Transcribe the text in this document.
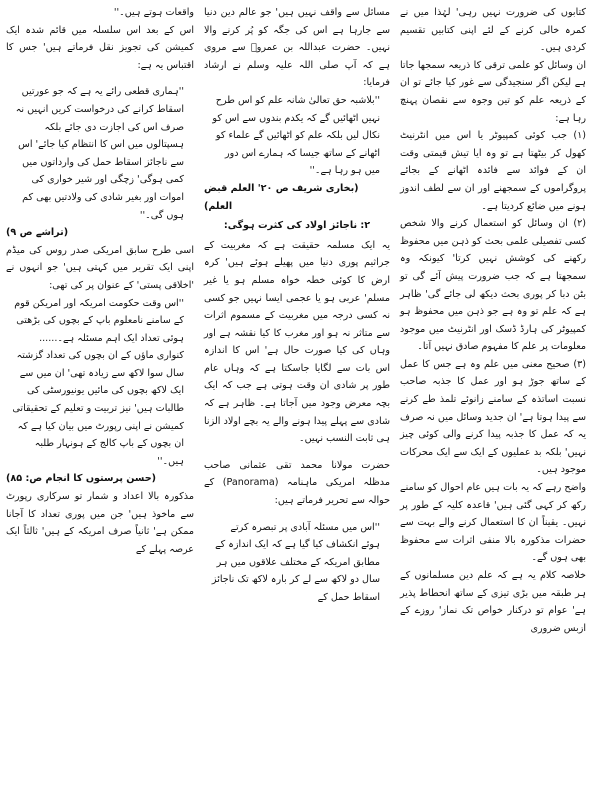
کتابوں کی ضرورت نہیں رہی' لہٰذا میں نے کمرہ خالی کرنے کے لئے اپنی کتابیں تقسیم کردی ہیں۔

ان وسائل کو علمی ترقی کا ذریعہ سمجھا جاتا ہے لیکن اگر سنجیدگی سے غور کیا جائے تو ان کے ذریعہ علم کو تین وجوہ سے نقصان پہنچ رہا ہے:

(۱) جب کوئی کمپیوٹر یا اس میں انٹرنیٹ کھول کر بیٹھتا ہے تو وہ ایا تیش قیمتی وقت ان کے فوائد سے فائدہ اٹھانے کے بجائے پروگراموں کے سمجھنے اور ان سے لطف اندوز ہونے میں ضائع کردیتا ہے۔

(۲) ان وسائل کو استعمال کرنے والا شخص کسی تفصیلی علمی بحث کو ذہن میں محفوظ رکھنے کی کوشش نہیں کرتا' کیونکہ وہ سمجھتا ہے کہ جب ضرورت پیش آئے گی تو بٹن دبا کر پوری بحث دیکھ لی جائے گی' ظاہر ہے کہ علم تو وہ ہے جو ذہن میں محفوظ ہو کمپیوٹر کی ہارڈ ڈسک اور انٹرنیٹ میں موجود معلومات پر علم کا مفہوم صادق نہیں آتا۔

(۳) صحیح معنی میں علم وہ ہے جس کا عمل کے ساتھ جوڑ ہو اور عمل کا جذبہ صاحب نسبت اساتذہ کے سامنے زانوئے تلمذ طے کرنے سے پیدا ہوتا ہے' ان جدید وسائل میں نہ صرف یہ کہ عمل کا جذبہ پیدا کرنے والی کوئی چیز نہیں' بلکہ بد عملیوں کے ایک سے ایک محرکات موجود ہیں۔

واضح رہے کہ یہ بات ہیں عام احوال کو سامنے رکھ کر کہی گئی ہیں' قاعدہ کلیہ کے طور پر نہیں۔ یقیناً ان کا استعمال کرنے والے بہت سے حضرات مذکورہ بالا منفی اثرات سے محفوظ بھی ہوں گے۔

خلاصہ کلام یہ ہے کہ علم دین مسلمانوں کے ہر طبقہ میں بڑی تیزی کے ساتھ انحطاط پذیر ہے' عوام تو درکنار خواص تک نماز' روزے کے ازبس ضروری

مسائل سے واقف نہیں ہیں' جو عالم دین دنیا سے جارہا ہے اس کی جگہ کو پُر کرنے والا نہیں۔ حضرت عبداللہ بن عمروؓ سے مروی ہے کہ آپ صلی اللہ علیہ وسلم نے ارشاد فرمایا:

''بلاشبہ حق تعالیٰ شانہ علم کو اس طرح نہیں اٹھائیں گے کہ یکدم بندوں سے اس کو نکال لیں بلکہ علم کو اٹھائیں گے علماء کو اٹھانے کے ساتھ جیسا کہ ہمارے اس دور میں ہو رہا ہے۔''

(بخاری شریف ص ۲۰' العلم قبض العلم)

۲: ناجائز اولاد کی کثرت ہوگی:

یہ ایک مسلمہ حقیقت ہے کہ مغربیت کے جراثیم پوری دنیا میں پھیلے ہوئے ہیں' کرہ ارض کا کوئی خطہ خواہ مسلم ہو یا غیر مسلم' عربی ہو یا عجمی ایسا نہیں جو کسی نہ کسی درجہ میں مغربیت کے مسموم اثرات سے متاثر نہ ہو اور مغرب کا کیا نقشہ ہے اور وہاں کی کیا صورت حال ہے' اس کا اندازہ اس بات سے لگایا جاسکتا ہے کہ وہاں عام طور پر شادی ان وقت ہوتی ہے جب کہ ایک بچہ معرض وجود میں آجاتا ہے۔ ظاہر ہے کہ شادی سے پہلے پیدا ہونے والے یہ بچے اولاد الزنا ہی ثابت النسب نہیں۔

حضرت مولانا محمد تقی عثمانی صاحب مدظلہ امریکی ماہنامہ (Panorama) کے حوالہ سے تحریر فرماتے ہیں:

''اس میں مسئلہ آبادی پر تبصرہ کرتے ہوئے انکشاف کیا گیا ہے کہ ایک اندازہ کے مطابق امریکہ کے مختلف علاقوں میں ہر سال دو لاکھ سے لے کر بارہ لاکھ تک ناجائز اسقاط حمل کے

واقعات ہوتے ہیں۔''

اس کے بعد اس سلسلہ میں قائم شدہ ایک کمیشن کی تجویز نقل فرماتے ہیں' جس کا اقتباس یہ ہے:

''ہماری قطعی رائے یہ ہے کہ جو عورتیں اسقاط کرانے کی درخواست کریں انہیں نہ صرف اس کی اجازت دی جائے بلکہ ہسپتالوں میں اس کا انتظام کیا جائے' اس سے ناجائز اسقاط حمل کی وارداتوں میں کمی ہوگی' زچگی اور شیر خواری کی اموات اور بغیر شادی کی ولادتیں بھی کم ہوں گی۔''

(تراشے ص ۹)

اسی طرح سابق امریکی صدر روس کی میڈم اپنی ایک تقریر میں کہتی ہیں' جو انہوں نے 'اخلاقی پستی' کے عنوان پر کی تھی:

''اس وقت حکومت امریکہ اور امریکن قوم کے سامنے نامعلوم باپ کے بچوں کی بڑھتی ہوئی تعداد ایک اہم مسئلہ ہے۔...... کنواری ماؤں کے ان بچوں کی تعداد گزشتہ سال سوا لاکھ سے زیادہ تھی' ان میں سے ایک لاکھ بچوں کی مائیں یونیورسٹی کی طالبات ہیں' نیز تربیت و تعلیم کے تحقیقاتی کمیشن نے اپنی رپورٹ میں بیان کیا ہے کہ ان بچوں کے باپ کالج کے ہونہار طلبہ ہیں۔''

(حسن پرستوں کا انجام ص: ۸۵)

مذکورہ بالا اعداد و شمار تو سرکاری رپورٹ سے ماخوذ ہیں' جن میں پوری تعداد کا آجانا ممکن ہے' ثانیاً صرف امریکہ کے ہیں' ثالثاً ایک عرصہ پہلے کے
